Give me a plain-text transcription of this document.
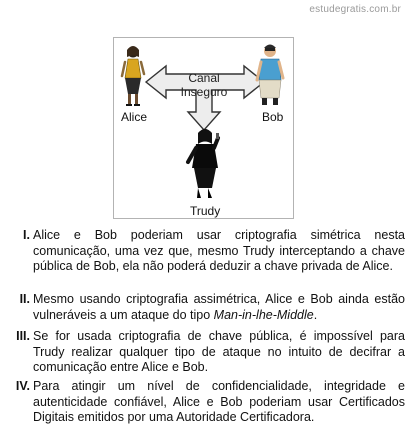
estudegratis.com.br
Canal Inseguro
Alice	Bob
Trudy
I. Alice e Bob poderiam usar criptografia simétrica nesta comunicação, uma vez que, mesmo Trudy interceptando a chave pública de Bob, ela não poderá deduzir a chave privada de Alice.
II. Mesmo usando criptografia assimétrica, Alice e Bob ainda estão vulneráveis a um ataque do tipo Man-in-lhe-Middle.
III. Se for usada criptografia de chave pública, é impossível para Trudy realizar qualquer tipo de ataque no intuito de decifrar a comunicação entre Alice e Bob.
IV. Para atingir um nível de confidencialidade, integridade e autenticidade confiável, Alice e Bob poderiam usar Certificados Digitais emitidos por uma Autoridade Certificadora.
